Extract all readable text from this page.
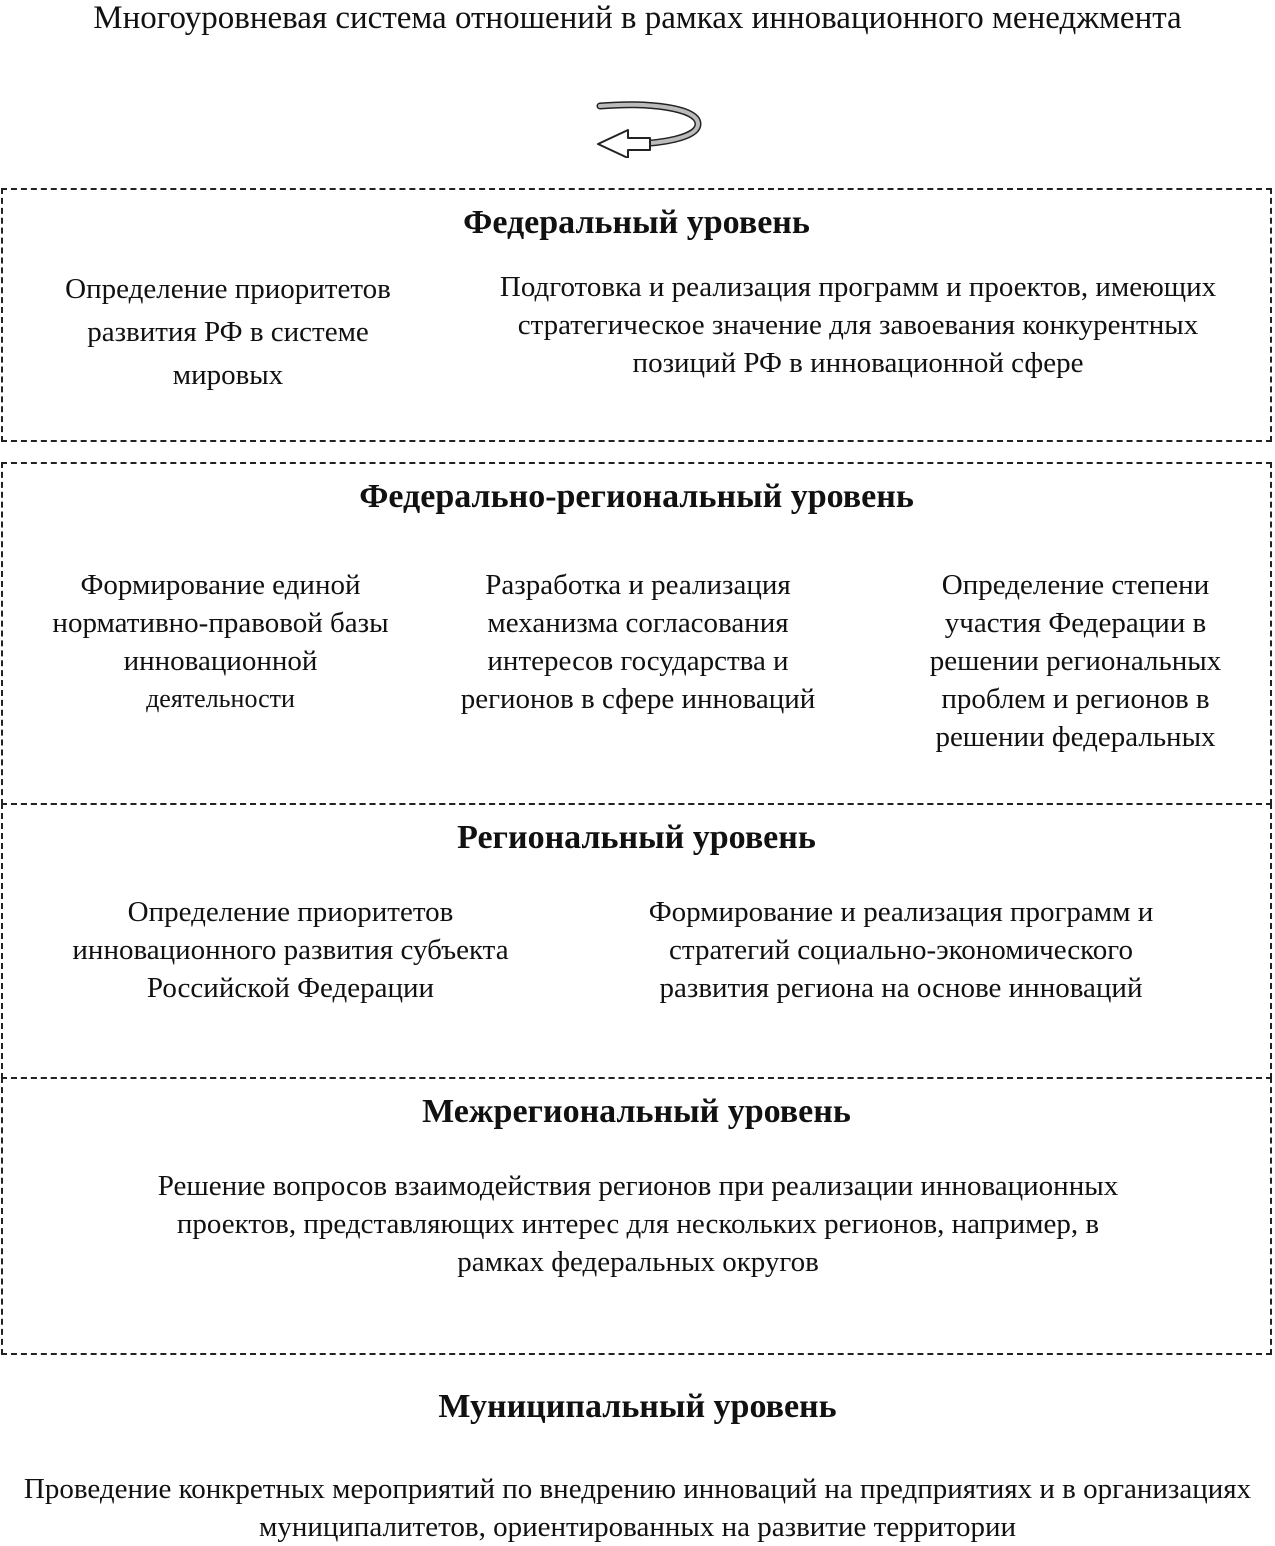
Многоуровневая система отношений в рамках инновационного менеджмента
Федеральный уровень
Определение приоритетов развития РФ в системе мировых
Подготовка и реализация программ и проектов, имеющих стратегическое значение для завоевания конкурентных позиций РФ в инновационной сфере
Федерально-региональный уровень
Формирование единой нормативно-правовой базы инновационной
деятельности
Разработка и реализация механизма согласования интересов государства и регионов в сфере инноваций
Определение степени участия Федерации в решении региональных проблем и регионов в решении федеральных
Региональный уровень
Определение приоритетов инновационного развития субъекта Российской Федерации
Формирование и реализация программ и стратегий социально-экономического развития региона на основе инноваций
Межрегиональный уровень
Решение вопросов взаимодействия регионов при реализации инновационных проектов, представляющих интерес для нескольких регионов, например, в рамках федеральных округов
Муниципальный уровень
Проведение конкретных мероприятий по внедрению инноваций на предприятиях и в организациях муниципалитетов, ориентированных на развитие территории
